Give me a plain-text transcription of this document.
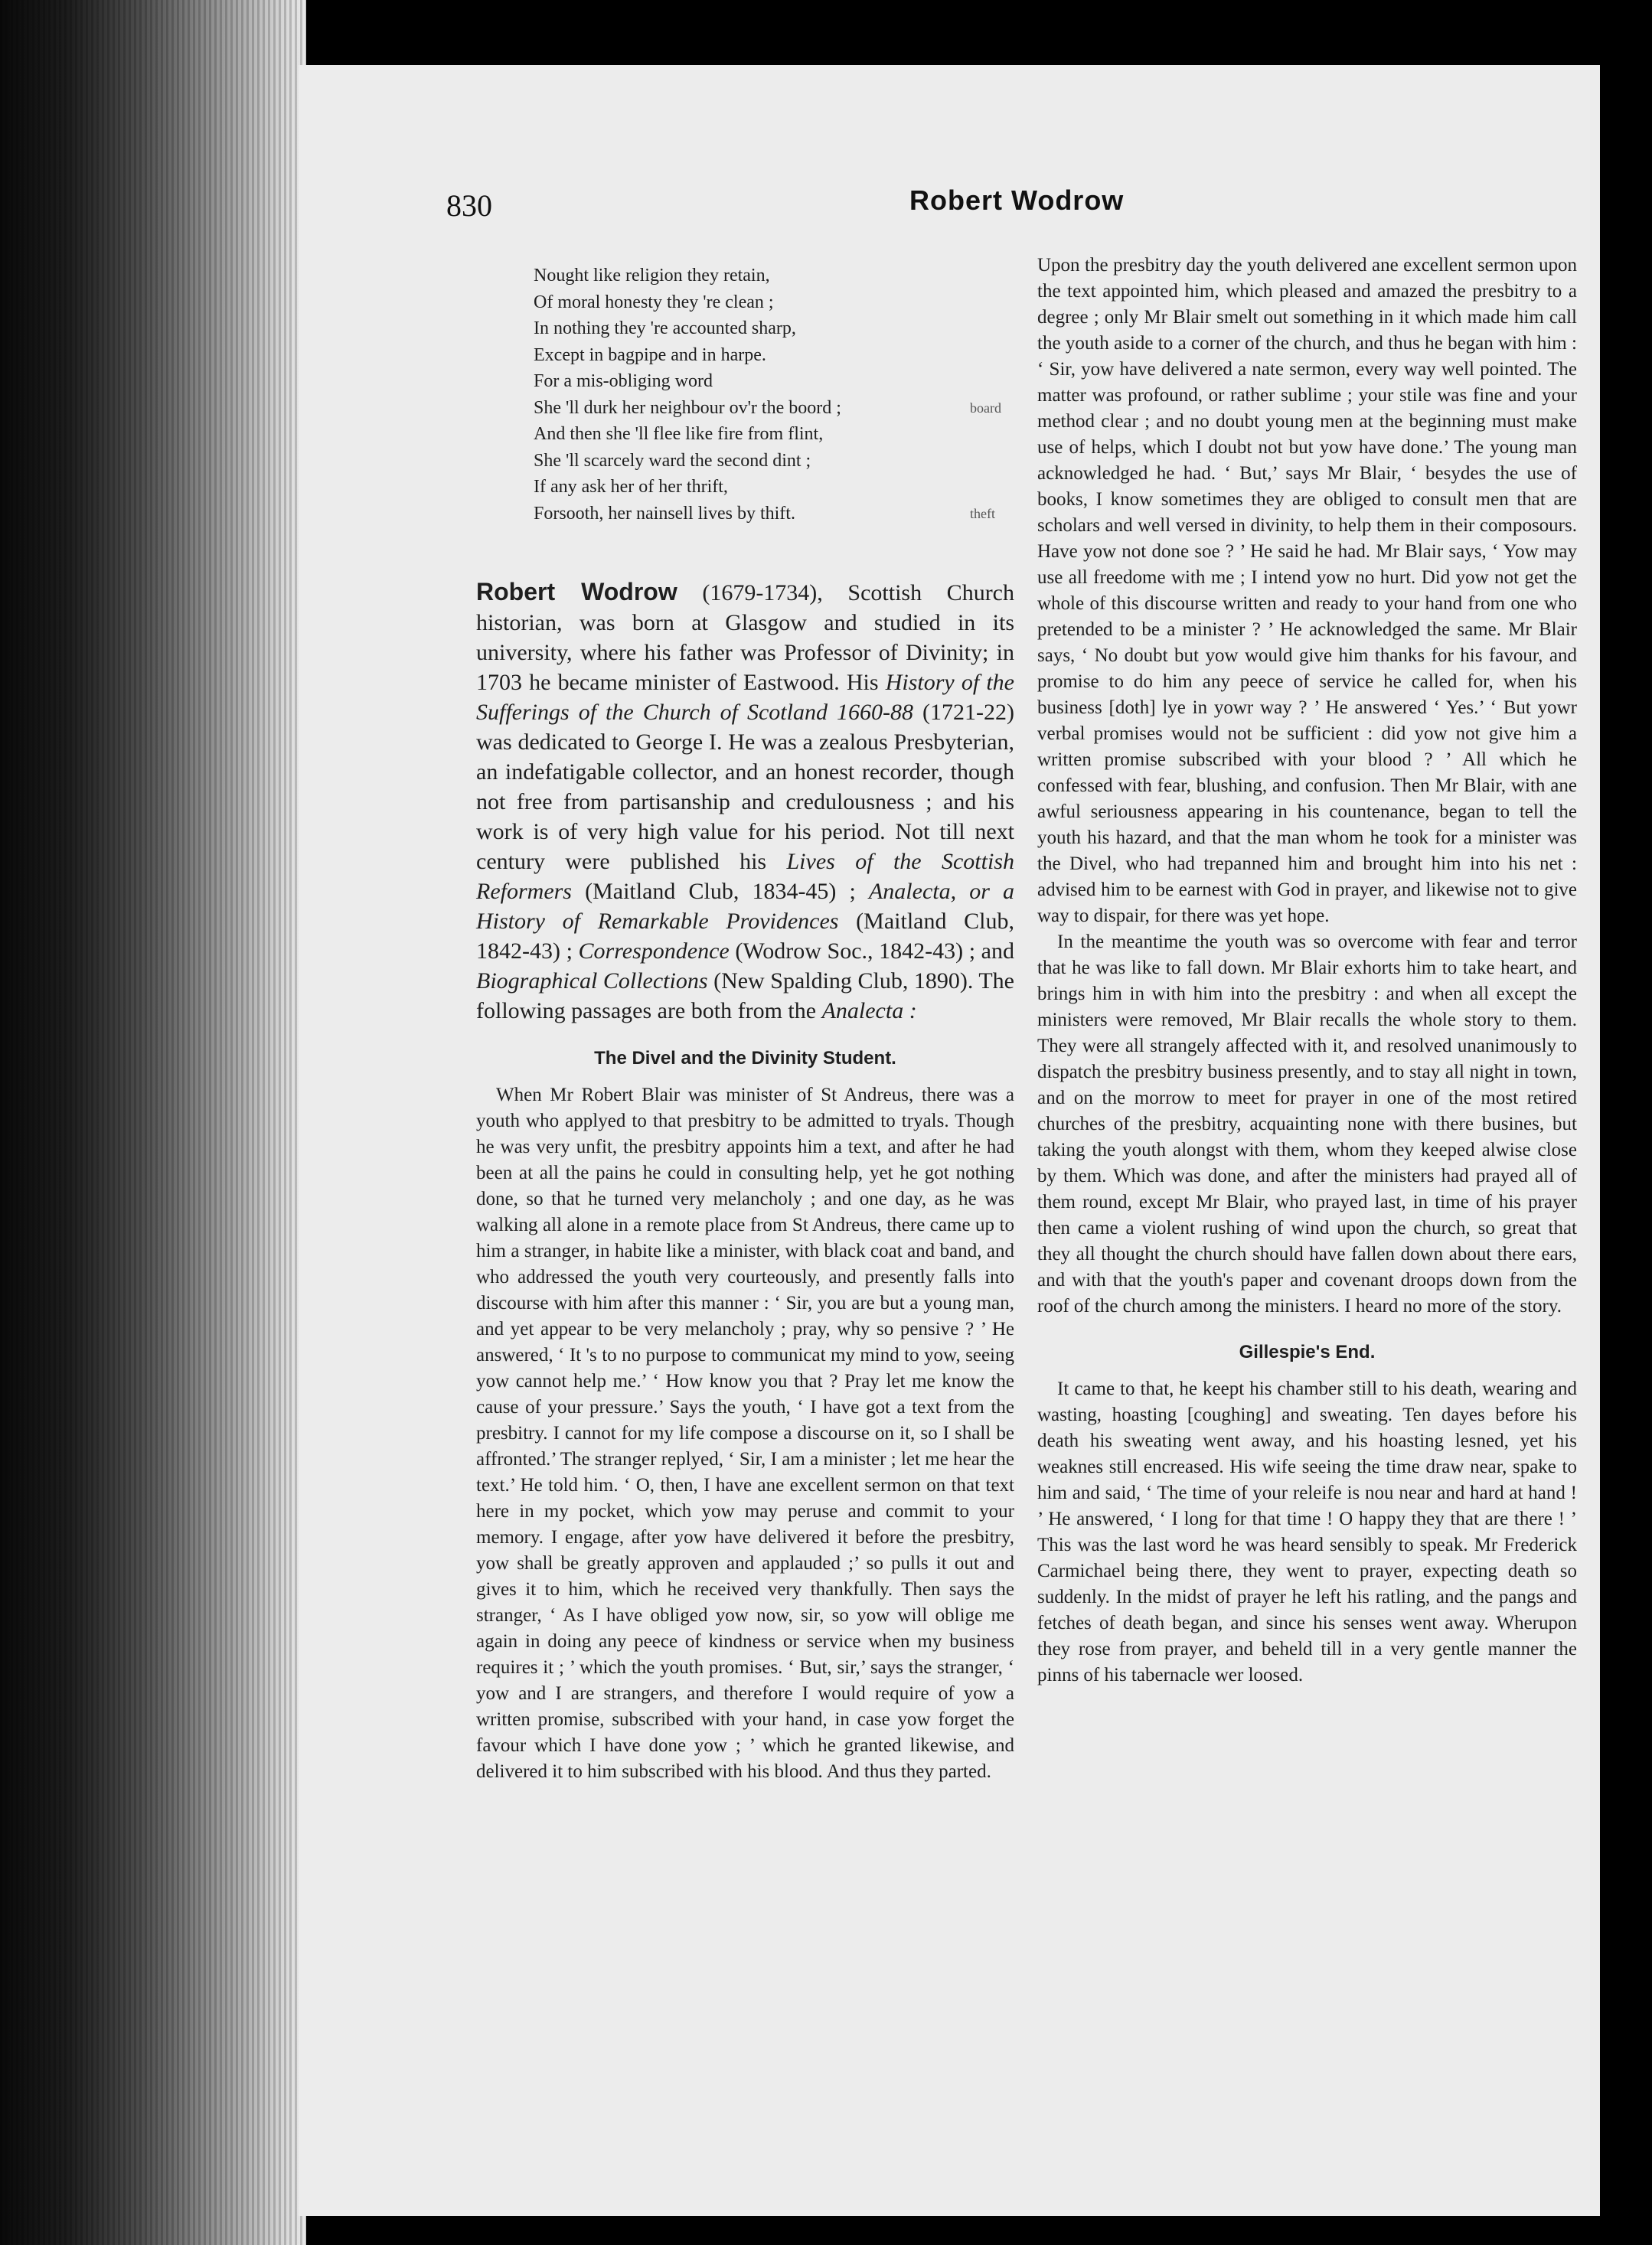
830	Robert Wodrow
Nought like religion they retain,
Of moral honesty they 're clean ;
In nothing they 're accounted sharp,
Except in bagpipe and in harpe.
For a mis-obliging word
She 'll durk her neighbour ov'r the boord ;	board
And then she 'll flee like fire from flint,
She 'll scarcely ward the second dint ;
If any ask her of her thrift,
Forsooth, her nainsell lives by thift.	theft
Robert Wodrow (1679-1734), Scottish Church historian, was born at Glasgow and studied in its university, where his father was Professor of Divinity; in 1703 he became minister of Eastwood. His History of the Sufferings of the Church of Scotland 1660-88 (1721-22) was dedicated to George I. He was a zealous Presbyterian, an indefatigable collector, and an honest recorder, though not free from partisanship and credulousness ; and his work is of very high value for his period. Not till next century were published his Lives of the Scottish Reformers (Maitland Club, 1834-45) ; Analecta, or a History of Remarkable Providences (Maitland Club, 1842-43) ; Correspondence (Wodrow Soc., 1842-43) ; and Biographical Collections (New Spalding Club, 1890). The following passages are both from the Analecta :
The Divel and the Divinity Student.

When Mr Robert Blair was minister of St Andreus, there was a youth who applyed to that presbitry to be admitted to tryals. Though he was very unfit, the presbitry appoints him a text, and after he had been at all the pains he could in consulting help, yet he got nothing done, so that he turned very melancholy ; and one day, as he was walking all alone in a remote place from St Andreus, there came up to him a stranger, in habite like a minister, with black coat and band, and who addressed the youth very courteously, and presently falls into discourse with him after this manner : ‘ Sir, you are but a young man, and yet appear to be very melancholy ; pray, why so pensive ? ’ He answered, ‘ It 's to no purpose to communicat my mind to yow, seeing yow cannot help me.’ ‘ How know you that ? Pray let me know the cause of your pressure.’ Says the youth, ‘ I have got a text from the presbitry. I cannot for my life compose a discourse on it, so I shall be affronted.’ The stranger replyed, ‘ Sir, I am a minister ; let me hear the text.’ He told him. ‘ O, then, I have ane excellent sermon on that text here in my pocket, which yow may peruse and commit to your memory. I engage, after yow have delivered it before the presbitry, yow shall be greatly approven and applauded ;’ so pulls it out and gives it to him, which he received very thankfully. Then says the stranger, ‘ As I have obliged yow now, sir, so yow will oblige me again in doing any peece of kindness or service when my business requires it ; ’ which the youth promises. ‘ But, sir,’ says the stranger, ‘ yow and I are strangers, and therefore I would require of yow a written promise, subscribed with your hand, in case yow forget the favour which I have done yow ; ’ which he granted likewise, and delivered it to him subscribed with his blood. And thus they parted.

Upon the presbitry day the youth delivered ane excellent sermon upon the text appointed him, which pleased and amazed the presbitry to a degree ; only Mr Blair smelt out something in it which made him call the youth aside to a corner of the church, and thus he began with him : ‘ Sir, yow have delivered a nate sermon, every way well pointed. The matter was profound, or rather sublime ; your stile was fine and your method clear ; and no doubt young men at the beginning must make use of helps, which I doubt not but yow have done.’ The young man acknowledged he had. ‘ But,’ says Mr Blair, ‘ besydes the use of books, I know sometimes they are obliged to consult men that are scholars and well versed in divinity, to help them in their composours. Have yow not done soe ? ’ He said he had. Mr Blair says, ‘ Yow may use all freedome with me ; I intend yow no hurt. Did yow not get the whole of this discourse written and ready to your hand from one who pretended to be a minister ? ’ He acknowledged the same. Mr Blair says, ‘ No doubt but yow would give him thanks for his favour, and promise to do him any peece of service he called for, when his business [doth] lye in yowr way ? ’ He answered ‘ Yes.’ ‘ But yowr verbal promises would not be sufficient : did yow not give him a written promise subscribed with your blood ? ’ All which he confessed with fear, blushing, and confusion. Then Mr Blair, with ane awful seriousness appearing in his countenance, began to tell the youth his hazard, and that the man whom he took for a minister was the Divel, who had trepanned him and brought him into his net : advised him to be earnest with God in prayer, and likewise not to give way to dispair, for there was yet hope.

In the meantime the youth was so overcome with fear and terror that he was like to fall down. Mr Blair exhorts him to take heart, and brings him in with him into the presbitry : and when all except the ministers were removed, Mr Blair recalls the whole story to them. They were all strangely affected with it, and resolved unanimously to dispatch the presbitry business presently, and to stay all night in town, and on the morrow to meet for prayer in one of the most retired churches of the presbitry, acquainting none with there busines, but taking the youth alongst with them, whom they keeped alwise close by them. Which was done, and after the ministers had prayed all of them round, except Mr Blair, who prayed last, in time of his prayer then came a violent rushing of wind upon the church, so great that they all thought the church should have fallen down about there ears, and with that the youth's paper and covenant droops down from the roof of the church among the ministers. I heard no more of the story.

Gillespie's End.

It came to that, he keept his chamber still to his death, wearing and wasting, hoasting [coughing] and sweating. Ten dayes before his death his sweating went away, and his hoasting lesned, yet his weaknes still encreased. His wife seeing the time draw near, spake to him and said, ‘ The time of your releife is nou near and hard at hand ! ’ He answered, ‘ I long for that time ! O happy they that are there ! ’ This was the last word he was heard sensibly to speak. Mr Frederick Carmichael being there, they went to prayer, expecting death so suddenly. In the midst of prayer he left his ratling, and the pangs and fetches of death began, and since his senses went away. Wherupon they rose from prayer, and beheld till in a very gentle manner the pinns of his tabernacle wer loosed.
